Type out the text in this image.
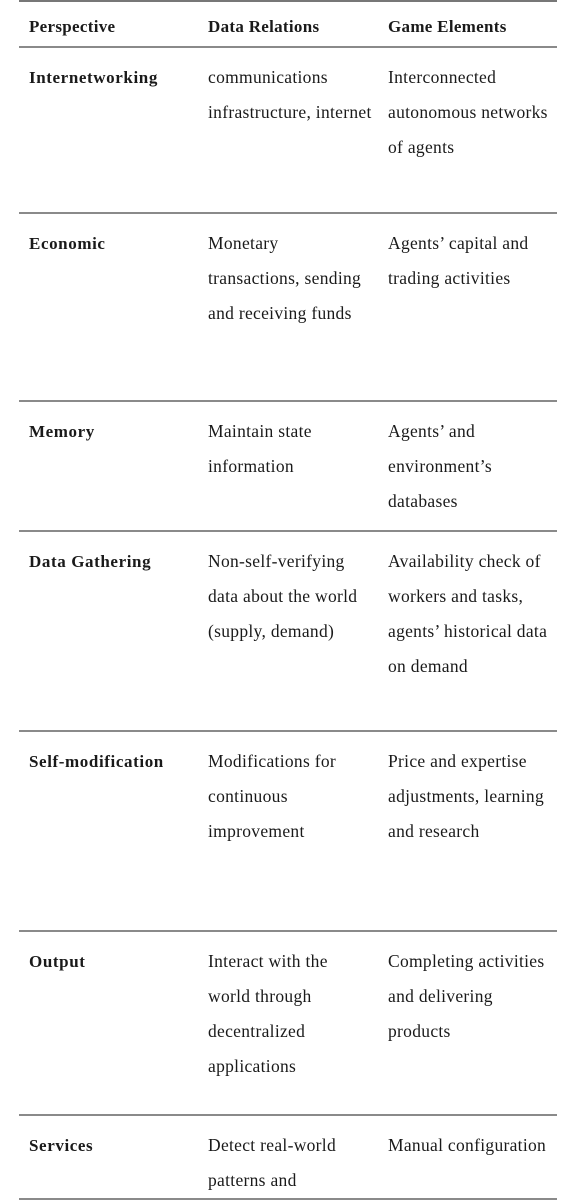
Perspective	Data Relations	Game Elements

Internetworking	communications infrastructure, internet	Interconnected autonomous networks of agents

Economic	Monetary transactions, sending and receiving funds	Agents’ capital and trading activities

Memory	Maintain state information	Agents’ and environment’s databases

Data Gathering	Non-self-verifying data about the world (supply, demand)	Availability check of workers and tasks, agents’ historical data on demand

Self-modification	Modifications for continuous improvement	Price and expertise adjustments, learning and research

Output	Interact with the world through decentralized applications	Completing activities and delivering products

Services	Detect real-world patterns and	Manual configuration
